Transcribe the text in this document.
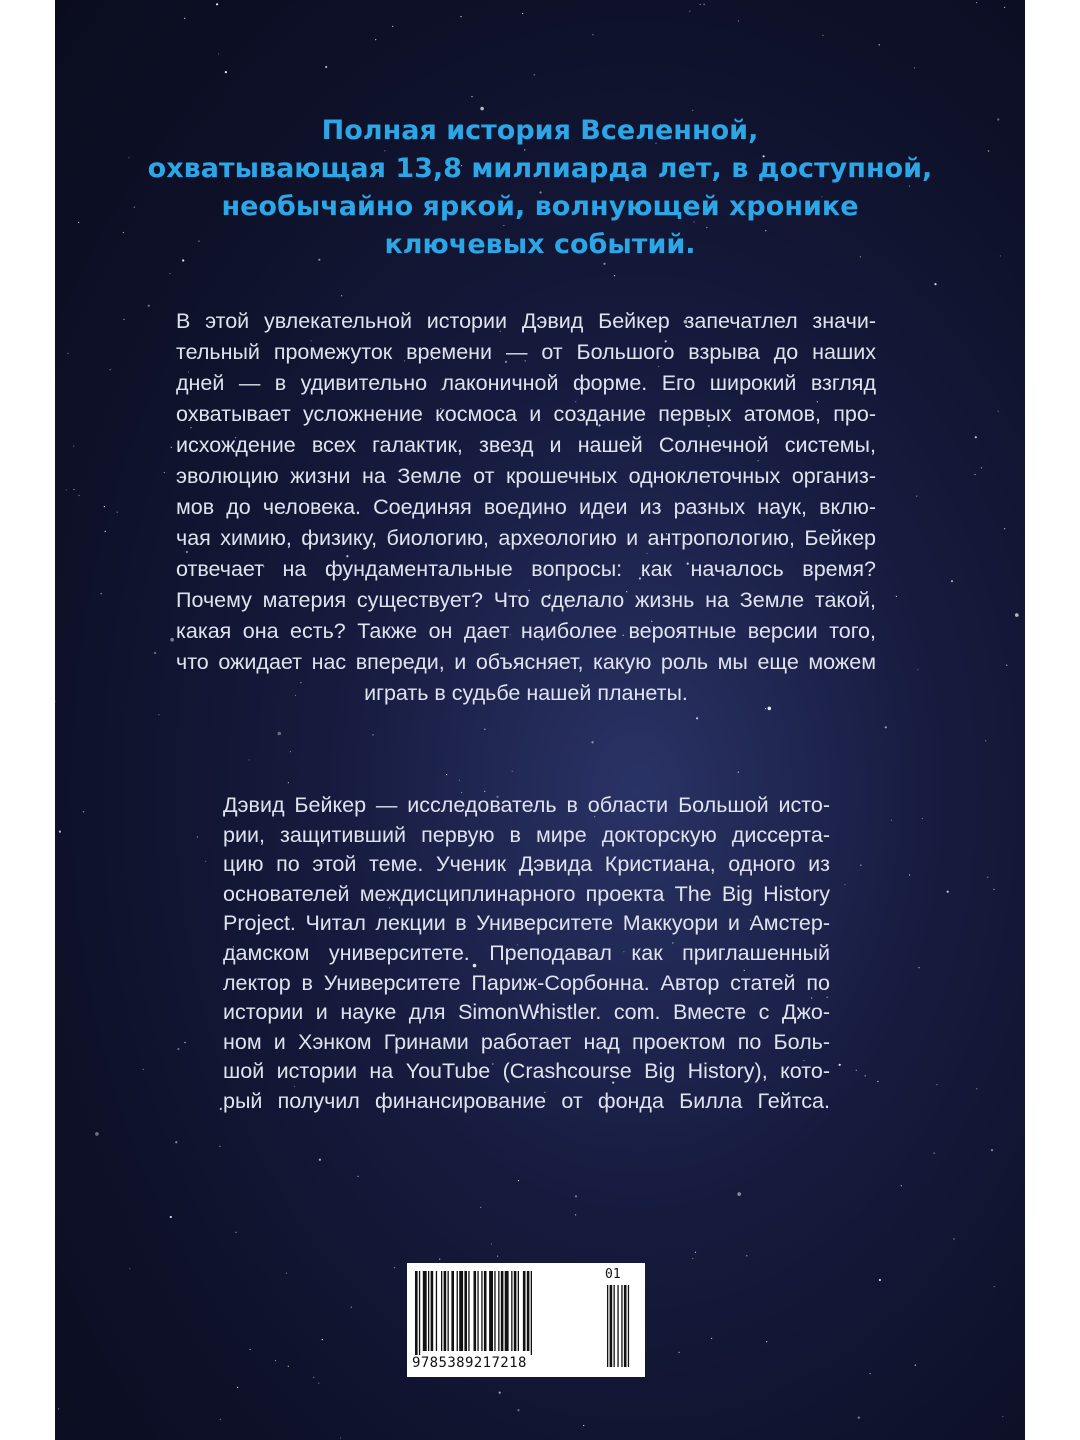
Полная история Вселенной,
охватывающая 13,8 миллиарда лет, в доступной,
необычайно яркой, волнующей хронике
ключевых событий.
В этой увлекательной истории Дэвид Бейкер запечатлел значи-
тельный промежуток времени — от Большого взрыва до наших
дней — в удивительно лаконичной форме. Его широкий взгляд
охватывает усложнение космоса и создание первых атомов, про-
исхождение всех галактик, звезд и нашей Солнечной системы,
эволюцию жизни на Земле от крошечных одноклеточных организ-
мов до человека. Соединяя воедино идеи из разных наук, вклю-
чая химию, физику, биологию, археологию и антропологию, Бейкер
отвечает на фундаментальные вопросы: как началось время?
Почему материя существует? Что сделало жизнь на Земле такой,
какая она есть? Также он дает наиболее вероятные версии того,
что ожидает нас впереди, и объясняет, какую роль мы еще можем
играть в судьбе нашей планеты.
Дэвид Бейкер — исследователь в области Большой исто-
рии, защитивший первую в мире докторскую диссерта-
цию по этой теме. Ученик Дэвида Кристиана, одного из
основателей междисциплинарного проекта The Big History
Project. Читал лекции в Университете Маккуори и Амстер-
дамском университете. Преподавал как приглашенный
лектор в Университете Париж-Сорбонна. Автор статей по
истории и науке для SimonWhistler. com. Вместе с Джо-
ном и Хэнком Гринами работает над проектом по Боль-
шой истории на YouTube (Crashcourse Big History), кото-
рый получил финансирование от фонда Билла Гейтса.
01
9785389217218
